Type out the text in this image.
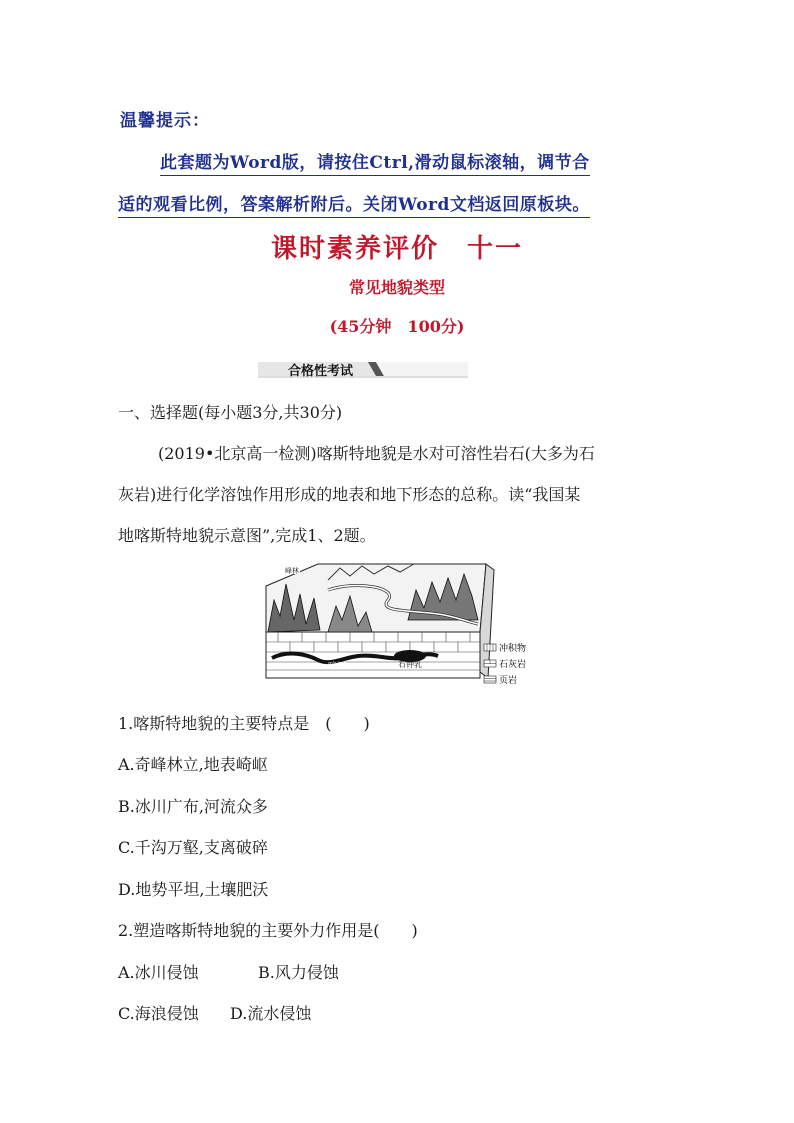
温馨提示：
此套题为Word版，请按住Ctrl,滑动鼠标滚轴，调节合
适的观看比例，答案解析附后。关闭Word文档返回原板块。
课时素养评价　十一
常见地貌类型
(45分钟　100分)
合格性考试
一、选择题(每小题3分,共30分)
(2019•北京高一检测)喀斯特地貌是水对可溶性岩石(大多为石
灰岩)进行化学溶蚀作用形成的地表和地下形态的总称。读“我国某
地喀斯特地貌示意图”,完成1、2题。
峰林
暗河	石钟乳
冲积物
石灰岩
页岩
1.喀斯特地貌的主要特点是　(　　)
A.奇峰林立,地表崎岖
B.冰川广布,河流众多
C.千沟万壑,支离破碎
D.地势平坦,土壤肥沃
2.塑造喀斯特地貌的主要外力作用是(　　)
A.冰川侵蚀	B.风力侵蚀
C.海浪侵蚀 D.流水侵蚀
